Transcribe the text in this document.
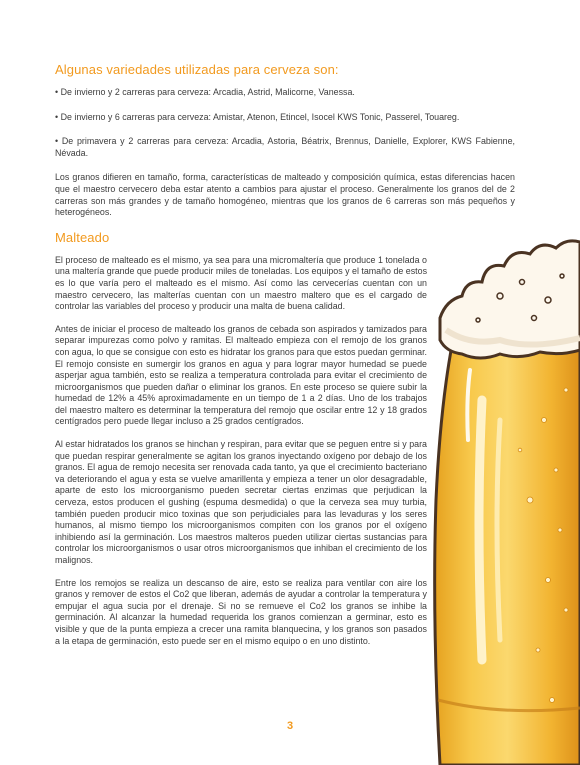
Algunas variedades utilizadas para cerveza son:

• De invierno y 2 carreras para cerveza: Arcadia, Astrid, Malicorne, Vanessa.

• De invierno y 6 carreras para cerveza: Amistar, Atenon, Etincel, Isocel KWS Tonic, Passerel, Touareg.

• De primavera y 2 carreras para cerveza: Arcadia, Astoria, Béatrix, Brennus, Danielle, Explorer, KWS Fabienne, Névada.

Los granos difieren en tamaño, forma, características de malteado y composición química, estas diferencias hacen que el maestro cervecero deba estar atento a cambios para ajustar el proceso. Generalmente los granos del de 2 carreras son más grandes y de tamaño homogéneo, mientras que los granos de 6 carreras son más pequeños y heterogéneos.

Malteado

El proceso de malteado es el mismo, ya sea para una micromaltería que produce 1 tonelada o una maltería grande que puede producir miles de toneladas. Los equipos y el tamaño de estos es lo que varía pero el malteado es el mismo. Así como las cervecerías cuentan con un maestro cervecero, las malterías cuentan con un maestro maltero que es el cargado de controlar las variables del proceso y producir una malta de buena calidad.

Antes de iniciar el proceso de malteado los granos de cebada son aspirados y tamizados para separar impurezas como polvo y ramitas. El malteado empieza con el remojo de los granos con agua, lo que se consigue con esto es hidratar los granos para que estos puedan germinar. El remojo consiste en sumergir los granos en agua y para lograr mayor humedad se puede asperjar agua también, esto se realiza a temperatura controlada para evitar el crecimiento de microorganismos que pueden dañar o eliminar los granos. En este proceso se quiere subir la humedad de 12% a 45% aproximadamente en un tiempo de 1 a 2 días. Uno de los trabajos del maestro maltero es determinar la temperatura del remojo que oscilar entre 12 y 18 grados centígrados pero puede llegar incluso a 25 grados centígrados.

Al estar hidratados los granos se hinchan y respiran, para evitar que se peguen entre si y para que puedan respirar generalmente se agitan los granos inyectando oxígeno por debajo de los granos. El agua de remojo necesita ser renovada cada tanto, ya que el crecimiento bacteriano va deteriorando el agua y esta se vuelve amarillenta y empieza a tener un olor desagradable, aparte de esto los microorganismo pueden secretar ciertas enzimas que perjudican la cerveza, estos producen el gushing (espuma desmedida) o que la cerveza sea muy turbia, también pueden producir mico toxinas que son perjudiciales para las levaduras y los seres humanos, al mismo tiempo los microorganismos compiten con los granos por el oxígeno inhibiendo así la germinación. Los maestros malteros pueden utilizar ciertas sustancias para controlar los microorganismos o usar otros microorganismos que inhiban el crecimiento de los malignos.

Entre los remojos se realiza un descanso de aire, esto se realiza para ventilar con aire los granos y remover de estos el Co2 que liberan, además de ayudar a controlar la temperatura y empujar el agua sucia por el drenaje. Si no se remueve el Co2 los granos se inhibe la germinación. Al alcanzar la humedad requerida los granos comienzan a germinar, esto es visible y que de la punta empieza a crecer una ramita blanquecina, y los granos son pasados a la etapa de germinación, esto puede ser en el mismo equipo o en uno distinto.

3
